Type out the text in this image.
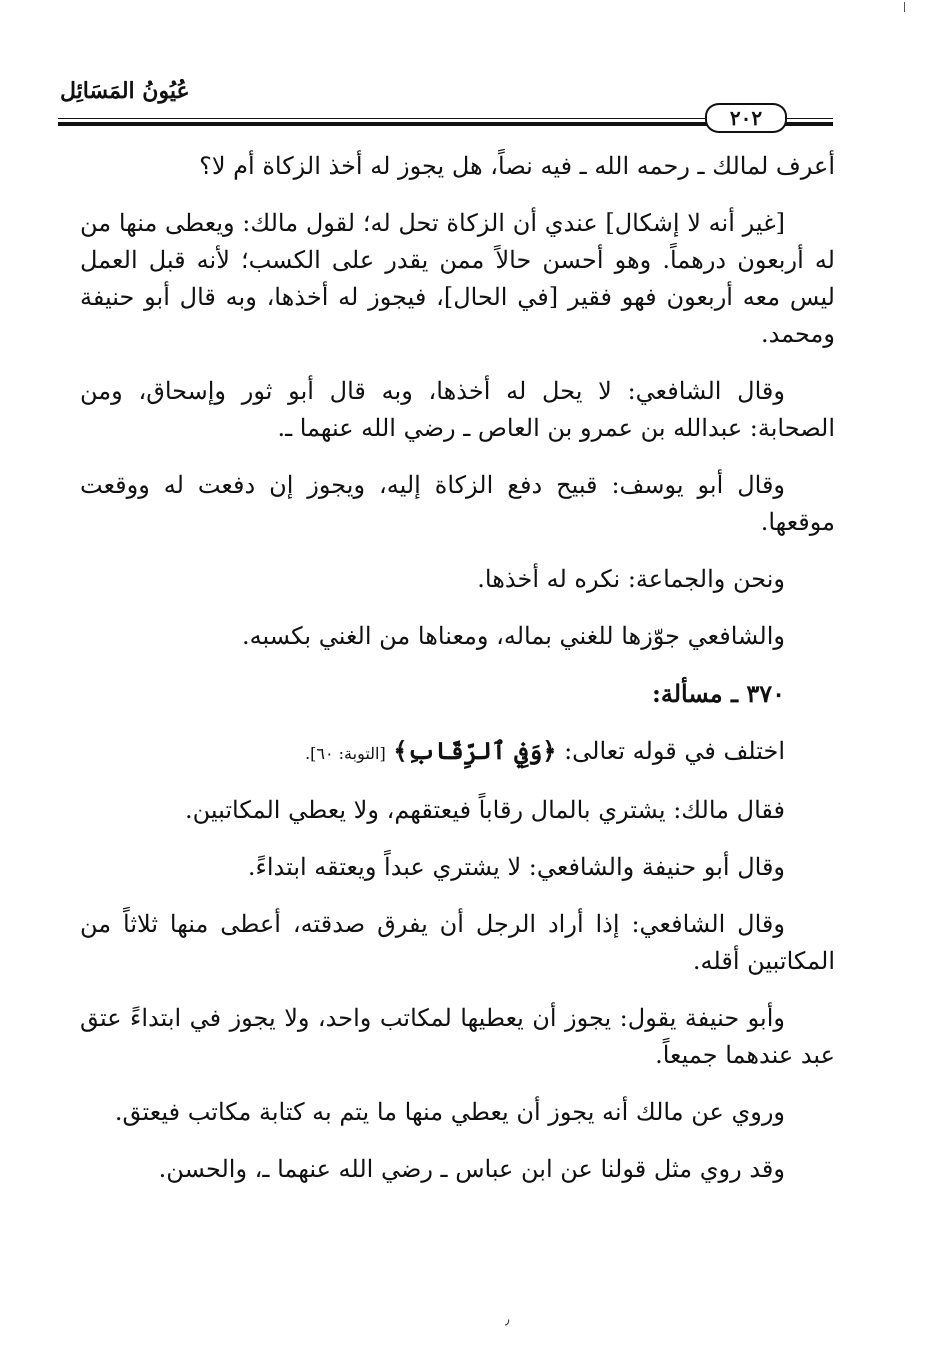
عُيُونُ المَسَائِل
٢٠٢

أعرف لمالك ـ رحمه الله ـ فيه نصاً، هل يجوز له أخذ الزكاة أم لا؟

[غير أنه لا إشكال] عندي أن الزكاة تحل له؛ لقول مالك: ويعطى منها من له أربعون درهماً. وهو أحسن حالاً ممن يقدر على الكسب؛ لأنه قبل العمل ليس معه أربعون فهو فقير [في الحال]، فيجوز له أخذها، وبه قال أبو حنيفة ومحمد.

وقال الشافعي: لا يحل له أخذها، وبه قال أبو ثور وإسحاق، ومن الصحابة: عبدالله بن عمرو بن العاص ـ رضي الله عنهما ـ.

وقال أبو يوسف: قبيح دفع الزكاة إليه، ويجوز إن دفعت له ووقعت موقعها.

ونحن والجماعة: نكره له أخذها.

والشافعي جوّزها للغني بماله، ومعناها من الغني بكسبه.

٣٧٠ ـ مسألة:

اختلف في قوله تعالى: ﴿وَفِي ٱلرِّقَابِ﴾ [التوبة: ٦٠].

فقال مالك: يشتري بالمال رقاباً فيعتقهم، ولا يعطي المكاتبين.

وقال أبو حنيفة والشافعي: لا يشتري عبداً ويعتقه ابتداءً.

وقال الشافعي: إذا أراد الرجل أن يفرق صدقته، أعطى منها ثلاثاً من المكاتبين أقله.

وأبو حنيفة يقول: يجوز أن يعطيها لمكاتب واحد، ولا يجوز في ابتداءً عتق عبد عندهما جميعاً.

وروي عن مالك أنه يجوز أن يعطي منها ما يتم به كتابة مكاتب فيعتق.

وقد روي مثل قولنا عن ابن عباس ـ رضي الله عنهما ـ، والحسن.

٫
